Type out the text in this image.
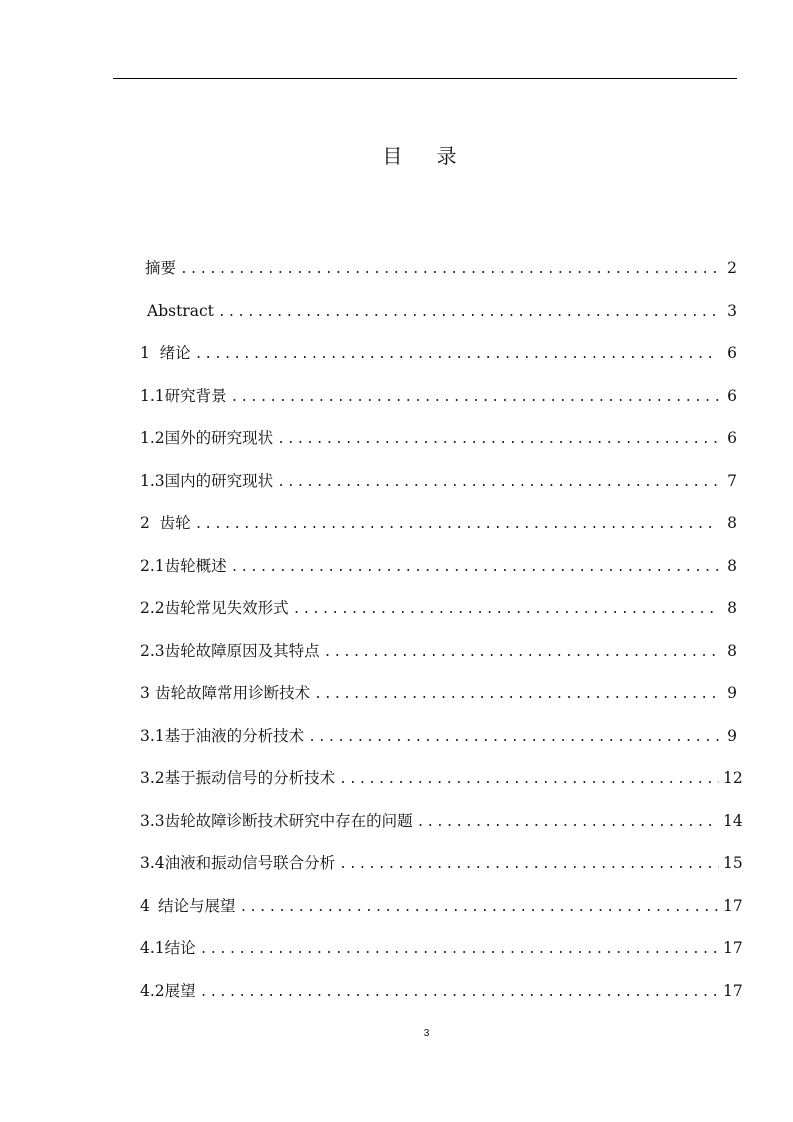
目 录
摘要 . . .	2
Abstract . . .	3
1 绪论 . . .	6
1.1 研究背景 . . .	6
1.2 国外的研究现状 . . .	6
1.3 国内的研究现状 . . .	7
2 齿轮 . . .	8
2.1 齿轮概述 . . .	8
2.2 齿轮常见失效形式 . . .	8
2.3 齿轮故障原因及其特点 . . .	8
3 齿轮故障常用诊断技术 . . .	9
3.1 基于油液的分析技术 . . .	9
3.2 基于振动信号的分析技术 . . .	12
3.3 齿轮故障诊断技术研究中存在的问题 . . .	14
3.4 油液和振动信号联合分析 . . .	15
4 结论与展望 . . .	17
4.1 结论 . . .	17
4.2 展望 . . .	17
3
